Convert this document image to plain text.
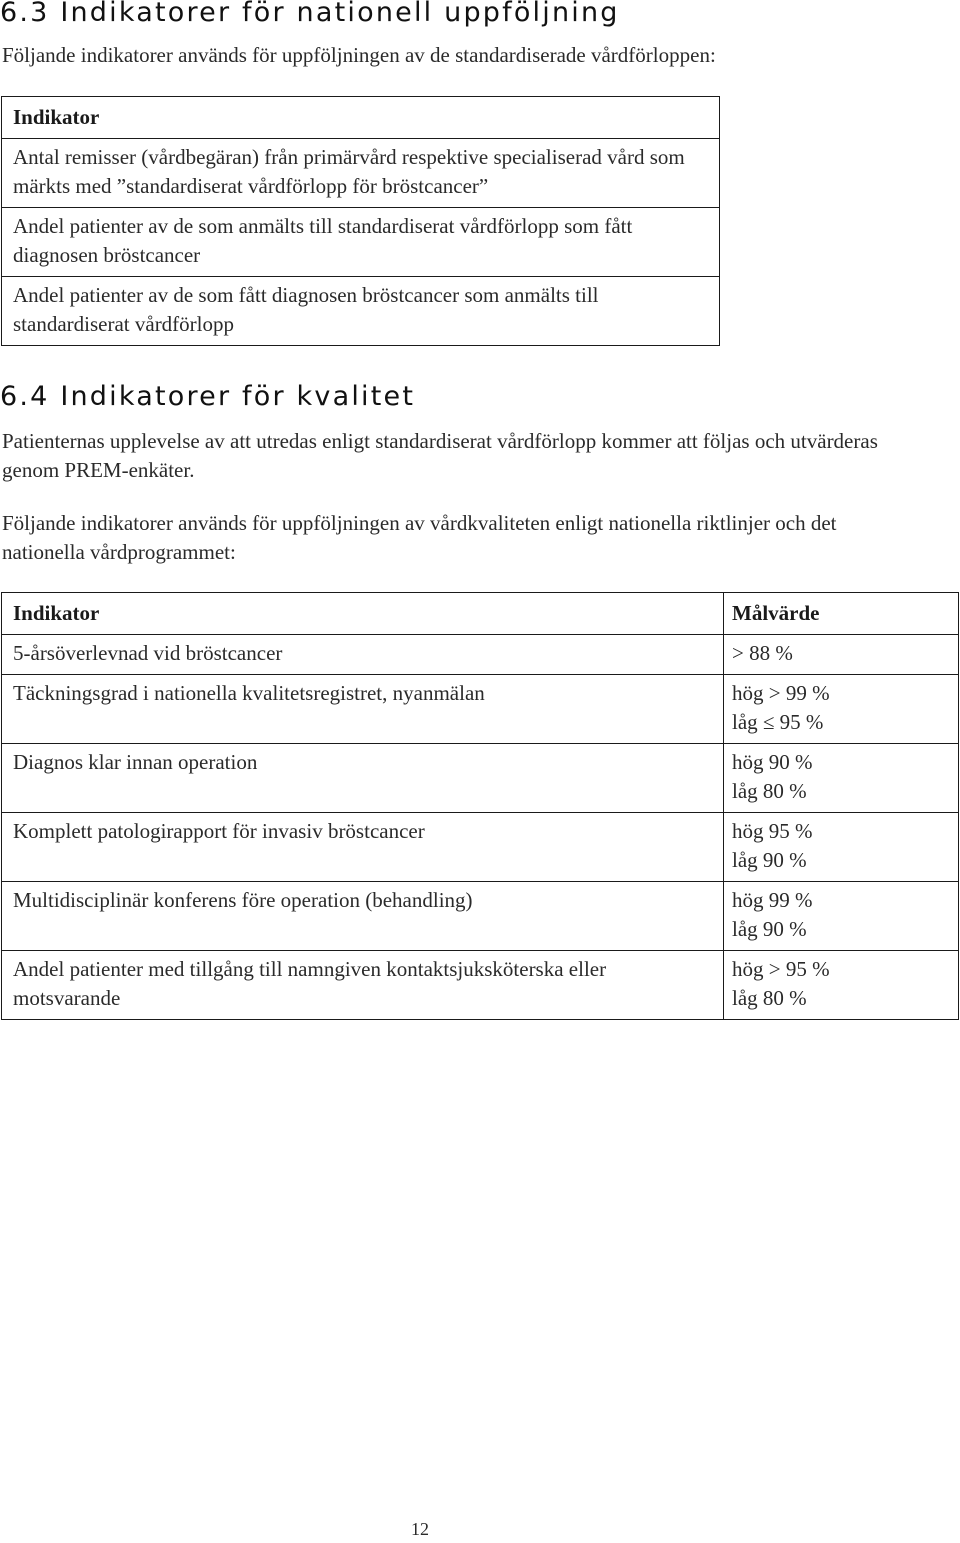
6.3 Indikatorer för nationell uppföljning

Följande indikatorer används för uppföljningen av de standardiserade vårdförloppen:

Indikator
Antal remisser (vårdbegäran) från primärvård respektive specialiserad vård som märkts med ”standardiserat vårdförlopp för bröstcancer”
Andel patienter av de som anmälts till standardiserat vårdförlopp som fått diagnosen bröstcancer
Andel patienter av de som fått diagnosen bröstcancer som anmälts till standardiserat vårdförlopp
6.4 Indikatorer för kvalitet

Patienternas upplevelse av att utredas enligt standardiserat vårdförlopp kommer att följas och utvärderas genom PREM-enkäter.

Följande indikatorer används för uppföljningen av vårdkvaliteten enligt nationella riktlinjer och det nationella vårdprogrammet:

Indikator	Målvärde
5-årsöverlevnad vid bröstcancer	> 88 %

Täckningsgrad i nationella kvalitetsregistret, nyanmälan	hög > 99 %
låg ≤ 95 %

Diagnos klar innan operation	hög 90 %
låg 80 %

Komplett patologirapport för invasiv bröstcancer	hög 95 %
låg 90 %

Multidisciplinär konferens före operation (behandling)	hög 99 %
låg 90 %

Andel patienter med tillgång till namngiven kontaktsjuksköterska eller motsvarande	hög > 95 %
låg 80 %
12
